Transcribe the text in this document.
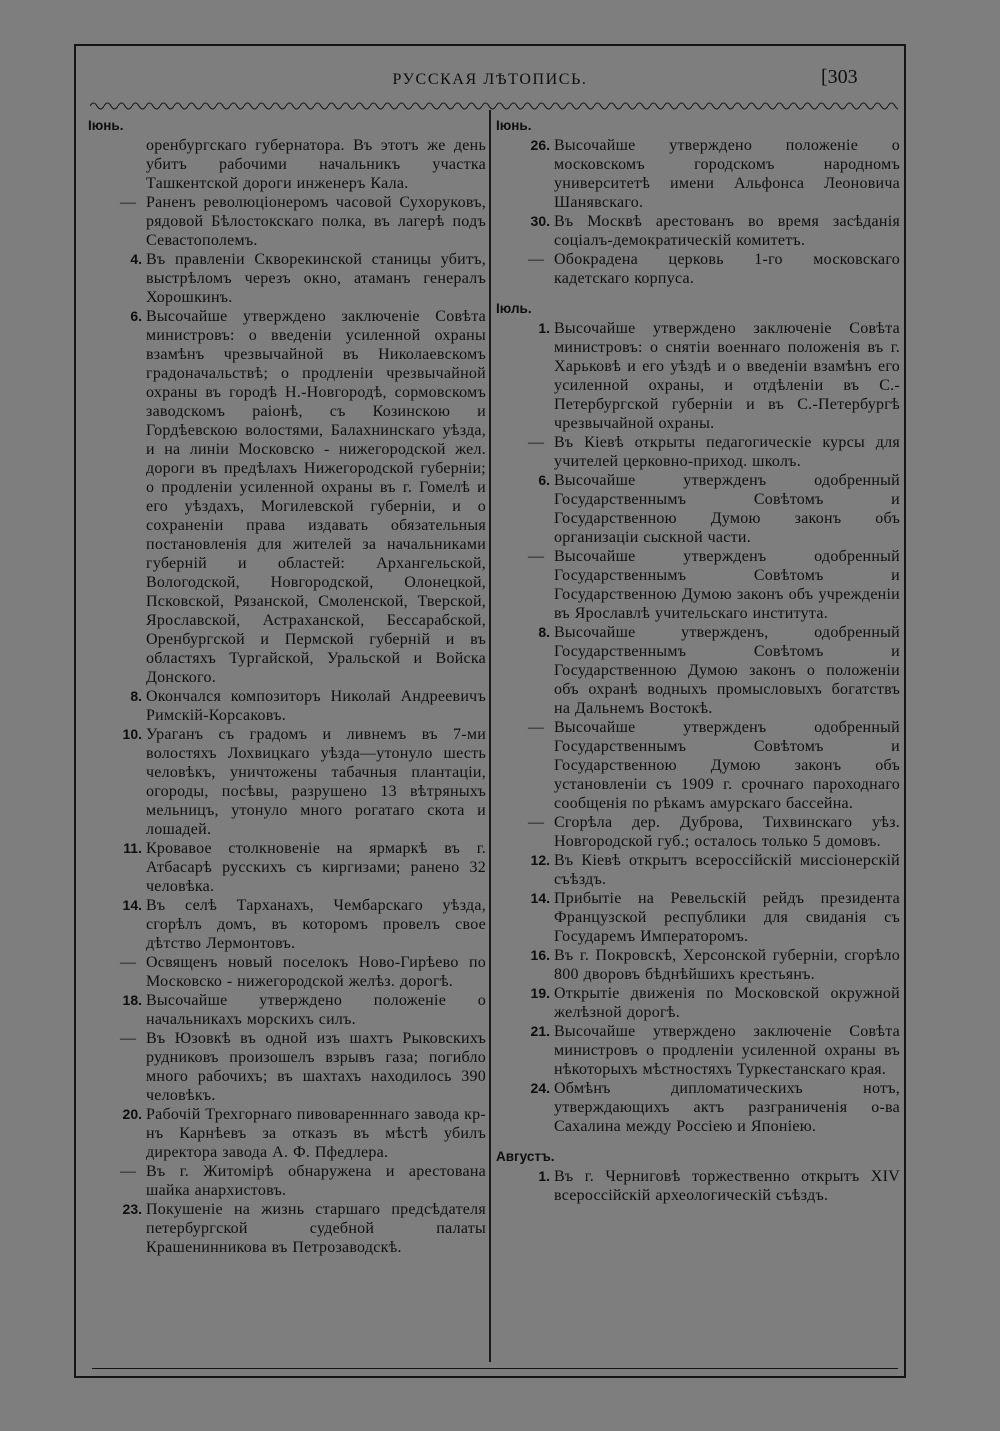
РУССКАЯ ЛѢТОПИСЬ.	[303
Іюнь.
оренбургскаго губернатора. Въ этотъ же день убитъ рабочими начальникъ участка Ташкентской дороги инженеръ Кала.
— Раненъ революціонеромъ часовой Сухоруковъ, рядовой Бѣлостокскаго полка, въ лагерѣ подъ Севастополемъ.
4. Въ правленіи Скворекинской станицы убитъ, выстрѣломъ черезъ окно, атаманъ генералъ Хорошкинъ.
6. Высочайше утверждено заключеніе Совѣта министровъ: о введеніи усиленной охраны взамѣнъ чрезвычайной въ Николаевскомъ градоначальствѣ; о продленіи чрезвычайной охраны въ городѣ Н.-Новгородѣ, сормовскомъ заводскомъ раіонѣ, съ Козинскою и Гордѣевскою волостями, Балахнинскаго уѣзда, и на линіи Московско - нижегородской жел. дороги въ предѣлахъ Нижегородской губерніи; о продленіи усиленной охраны въ г. Гомелѣ и его уѣздахъ, Могилевской губерніи, и о сохраненіи права издавать обязательныя постановленія для жителей за начальниками губерній и областей: Архангельской, Вологодской, Новгородской, Олонецкой, Псковской, Рязанской, Смоленской, Тверской, Ярославской, Астраханской, Бессарабской, Оренбургской и Пермской губерній и въ областяхъ Тургайской, Уральской и Войска Донского.
8. Окончался композиторъ Николай Андреевичъ Римскій-Корсаковъ.
10. Ураганъ съ градомъ и ливнемъ въ 7-ми волостяхъ Лохвицкаго уѣзда—утонуло шесть человѣкъ, уничтожены табачныя плантаціи, огороды, посѣвы, разрушено 13 вѣтряныхъ мельницъ, утонуло много рогатаго скота и лошадей.
11. Кровавое столкновеніе на ярмаркѣ въ г. Атбасарѣ русскихъ съ киргизами; ранено 32 человѣка.
14. Въ селѣ Тарханахъ, Чембарскаго уѣзда, сгорѣлъ домъ, въ которомъ провелъ свое дѣтство Лермонтовъ.
— Освященъ новый поселокъ Ново-Гирѣево по Московско - нижегородской желѣз. дорогѣ.
18. Высочайше утверждено положеніе о начальникахъ морскихъ силъ.
— Въ Юзовкѣ въ одной изъ шахтъ Рыковскихъ рудниковъ произошелъ взрывъ газа; погибло много рабочихъ; въ шахтахъ находилось 390 человѣкъ.
20. Рабочій Трехгорнаго пивоваренннаго завода кр-нъ Карнѣевъ за отказъ въ мѣстѣ убилъ директора завода А. Ф. Пфедлера.
— Въ г. Житомірѣ обнаружена и арестована шайка анархистовъ.
23. Покушеніе на жизнь старшаго предсѣдателя петербургской судебной палаты Крашенинникова въ Петрозаводскѣ.
Іюнь.
26. Высочайше утверждено положеніе о московскомъ городскомъ народномъ университетѣ имени Альфонса Леоновича Шанявскаго.
30. Въ Москвѣ арестованъ во время засѣданія соціалъ-демократическій комитетъ.
— Обокрадена церковь 1-го московскаго кадетскаго корпуса.
Іюль.
1. Высочайше утверждено заключеніе Совѣта министровъ: о снятіи военнаго положенія въ г. Харьковѣ и его уѣздѣ и о введеніи взамѣнъ его усиленной охраны, и отдѣленіи въ С.-Петербургской губерніи и въ С.-Петербургѣ чрезвычайной охраны.
— Въ Кіевѣ открыты педагогическіе курсы для учителей церковно-приход. школъ.
6. Высочайше утвержденъ одобренный Государственнымъ Совѣтомъ и Государственною Думою законъ объ организаціи сыскной части.
— Высочайше утвержденъ одобренный Государственнымъ Совѣтомъ и Государственною Думою законъ объ учрежденіи въ Ярославлѣ учительскаго института.
8. Высочайше утвержденъ, одобренный Государственнымъ Совѣтомъ и Государственною Думою законъ о положеніи объ охранѣ водныхъ промысловыхъ богатствъ на Дальнемъ Востокѣ.
— Высочайше утвержденъ одобренный Государственнымъ Совѣтомъ и Государственною Думою законъ объ установленіи съ 1909 г. срочнаго пароходнаго сообщенія по рѣкамъ амурскаго бассейна.
— Сгорѣла дер. Дуброва, Тихвинскаго уѣз. Новгородской губ.; осталось только 5 домовъ.
12. Въ Кіевѣ открытъ всероссійскій миссіонерскій съѣздъ.
14. Прибытіе на Ревельскій рейдъ президента Французской республики для свиданія съ Государемъ Императоромъ.
16. Въ г. Покровскѣ, Херсонской губерніи, сгорѣло 800 дворовъ бѣднѣйшихъ крестьянъ.
19. Открытіе движенія по Московской окружной желѣзной дорогѣ.
21. Высочайше утверждено заключеніе Совѣта министровъ о продленіи усиленной охраны въ нѣкоторыхъ мѣстностяхъ Туркестанскаго края.
24. Обмѣнъ дипломатическихъ нотъ, утверждающихъ актъ разграниченія о-ва Сахалина между Россіею и Японіею.
Августъ.
1. Въ г. Черниговѣ торжественно открытъ XIV всероссійскій археологическій съѣздъ.
